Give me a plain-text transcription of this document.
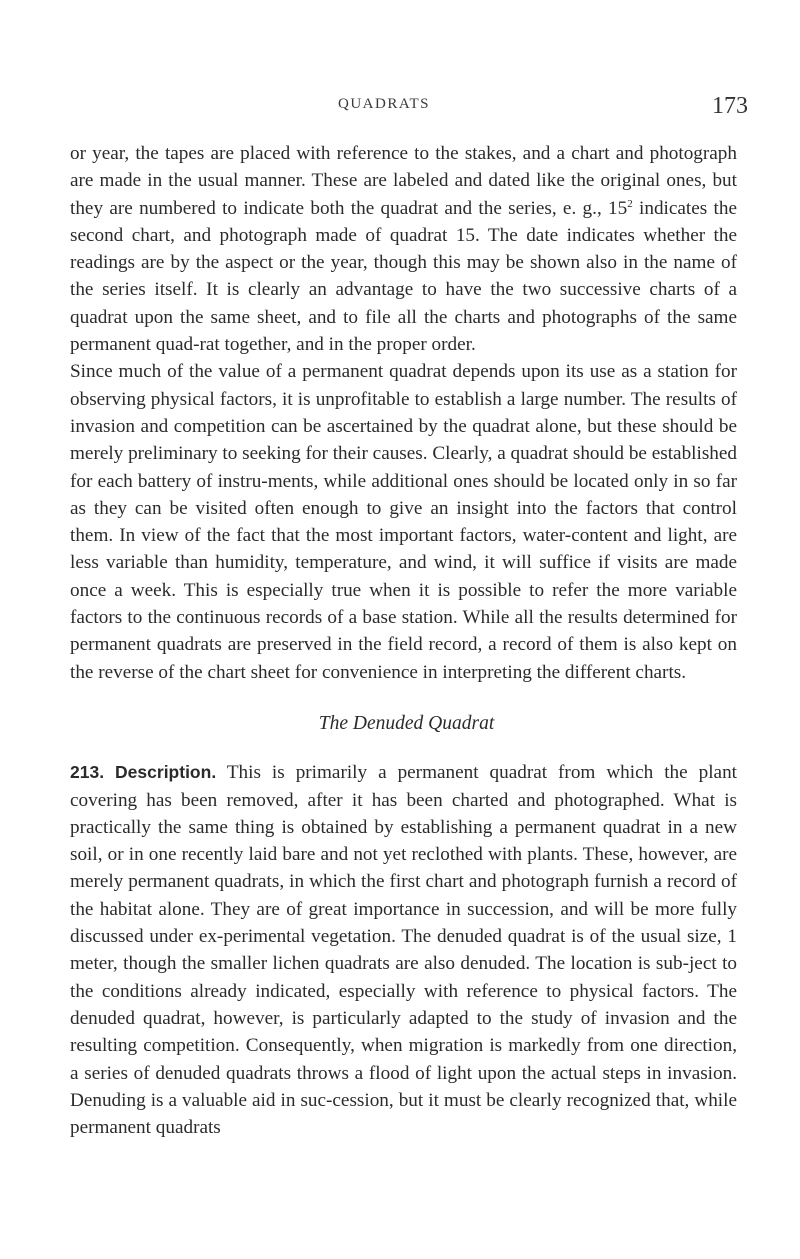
QUADRATS	173

or year, the tapes are placed with reference to the stakes, and a chart and photograph are made in the usual manner. These are labeled and dated like the original ones, but they are numbered to indicate both the quadrat and the series, e. g., $15^2$ indicates the second chart, and photograph made of quadrat 15. The date indicates whether the readings are by the aspect or the year, though this may be shown also in the name of the series itself. It is clearly an advantage to have the two successive charts of a quadrat upon the same sheet, and to file all the charts and photographs of the same permanent quad-rat together, and in the proper order.

Since much of the value of a permanent quadrat depends upon its use as a station for observing physical factors, it is unprofitable to establish a large number. The results of invasion and competition can be ascertained by the quadrat alone, but these should be merely preliminary to seeking for their causes. Clearly, a quadrat should be established for each battery of instru-ments, while additional ones should be located only in so far as they can be visited often enough to give an insight into the factors that control them. In view of the fact that the most important factors, water-content and light, are less variable than humidity, temperature, and wind, it will suffice if visits are made once a week. This is especially true when it is possible to refer the more variable factors to the continuous records of a base station. While all the results determined for permanent quadrats are preserved in the field record, a record of them is also kept on the reverse of the chart sheet for convenience in interpreting the different charts.

The Denuded Quadrat

213. Description. This is primarily a permanent quadrat from which the plant covering has been removed, after it has been charted and photographed. What is practically the same thing is obtained by establishing a permanent quadrat in a new soil, or in one recently laid bare and not yet reclothed with plants. These, however, are merely permanent quadrats, in which the first chart and photograph furnish a record of the habitat alone. They are of great importance in succession, and will be more fully discussed under ex-perimental vegetation. The denuded quadrat is of the usual size, 1 meter, though the smaller lichen quadrats are also denuded. The location is sub-ject to the conditions already indicated, especially with reference to physical factors. The denuded quadrat, however, is particularly adapted to the study of invasion and the resulting competition. Consequently, when migration is markedly from one direction, a series of denuded quadrats throws a flood of light upon the actual steps in invasion. Denuding is a valuable aid in suc-cession, but it must be clearly recognized that, while permanent quadrats
